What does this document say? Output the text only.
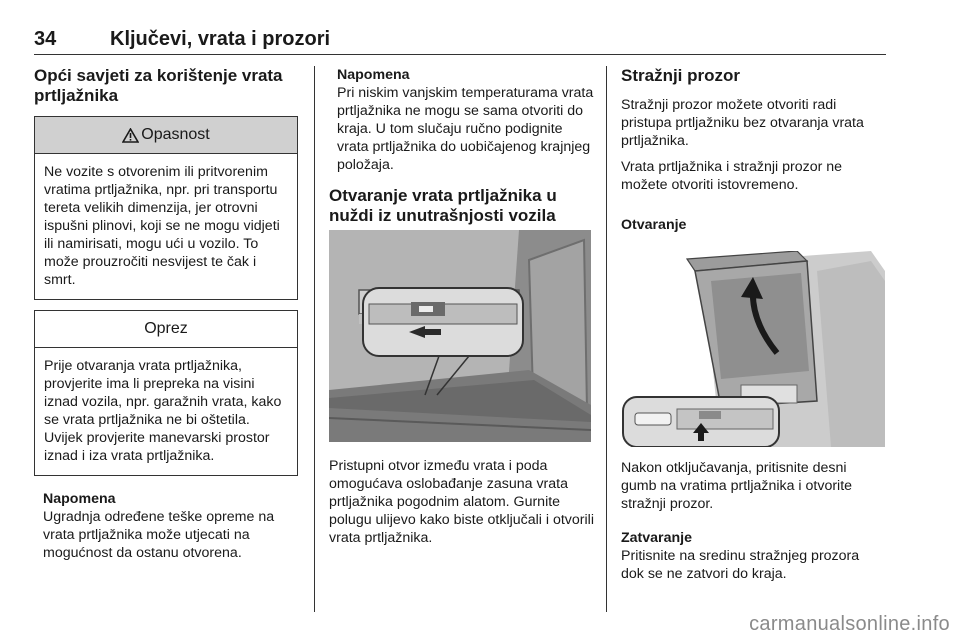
34	Ključevi, vrata i prozori
Opći savjeti za korištenje vrata prtljažnika
Opasnost

Ne vozite s otvorenim ili pritvorenim vratima prtljažnika, npr. pri transportu tereta velikih dimenzija, jer otrovni ispušni plinovi, koji se ne mogu vidjeti ili namirisati, mogu ući u vozilo. To može prouzročiti nesvijest te čak i smrt.

Oprez

Prije otvaranja vrata prtljažnika, provjerite ima li prepreka na visini iznad vozila, npr. garažnih vrata, kako se vrata prtljažnika ne bi oštetila. Uvijek provjerite manevarski prostor iznad i iza vrata prtljažnika.

Napomena

Ugradnja određene teške opreme na vrata prtljažnika može utjecati na mogućnost da ostanu otvorena.

Napomena

Pri niskim vanjskim temperaturama vrata prtljažnika ne mogu se sama otvoriti do kraja. U tom slučaju ručno podignite vrata prtljažnika do uobičajenog krajnjeg položaja.

Otvaranje vrata prtljažnika u nuždi iz unutrašnjosti vozila

Pristupni otvor između vrata i poda omogućava oslobađanje zasuna vrata prtljažnika pogodnim alatom. Gurnite polugu ulijevo kako biste otključali i otvorili vrata prtljažnika.

Stražnji prozor

Stražnji prozor možete otvoriti radi pristupa prtljažniku bez otvaranja vrata prtljažnika.

Vrata prtljažnika i stražnji prozor ne možete otvoriti istovremeno.

Otvaranje

Nakon otključavanja, pritisnite desni gumb na vratima prtljažnika i otvorite stražnji prozor.

Zatvaranje

Pritisnite na sredinu stražnjeg prozora dok se ne zatvori do kraja.

carmanualsonline.info
